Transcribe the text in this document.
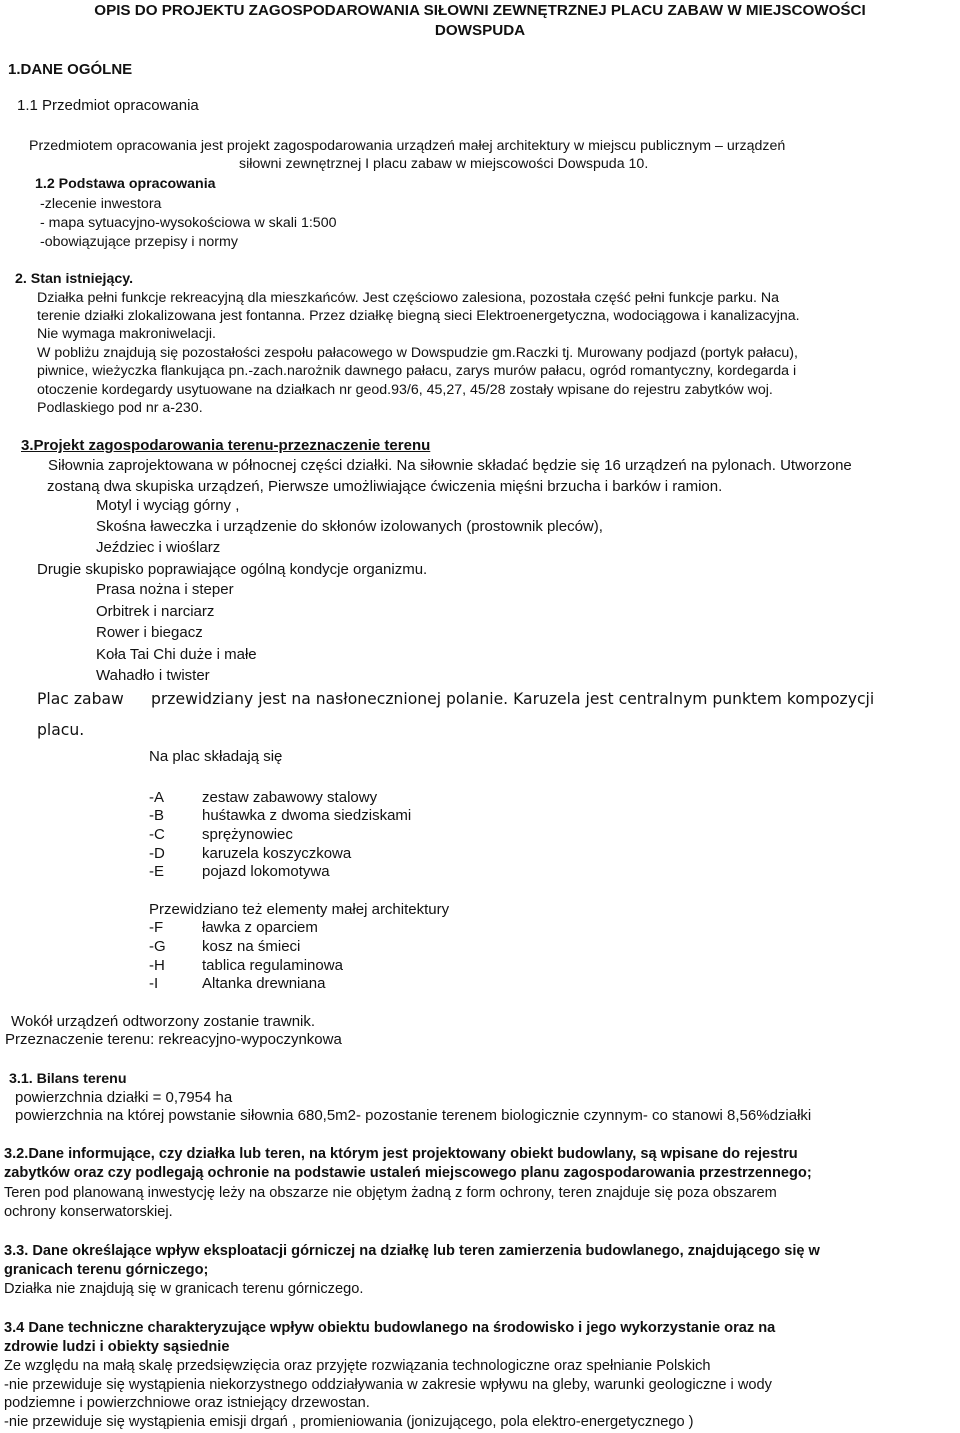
OPIS DO PROJEKTU ZAGOSPODAROWANIA SIŁOWNI ZEWNĘTRZNEJ PLACU ZABAW W MIEJSCOWOŚCI
DOWSPUDA
1.DANE OGÓLNE
1.1 Przedmiot opracowania
Przedmiotem opracowania jest projekt zagospodarowania urządzeń małej architektury w miejscu publicznym – urządzeń
siłowni zewnętrznej I placu zabaw w miejscowości Dowspuda 10.
1.2 Podstawa opracowania
-zlecenie inwestora
- mapa sytuacyjno-wysokościowa w skali 1:500
-obowiązujące przepisy i normy
2. Stan istniejący.
Działka pełni funkcje rekreacyjną dla mieszkańców. Jest częściowo zalesiona, pozostała część pełni funkcje parku. Na
terenie działki zlokalizowana jest fontanna. Przez działkę biegną sieci Elektroenergetyczna, wodociągowa i kanalizacyjna.
Nie wymaga makroniwelacji.
W pobliżu znajdują się pozostałości zespołu pałacowego w Dowspudzie gm.Raczki tj. Murowany podjazd (portyk pałacu),
piwnice, wieżyczka flankująca pn.-zach.narożnik dawnego pałacu, zarys murów pałacu, ogród romantyczny, kordegarda i
otoczenie kordegardy usytuowane na działkach nr geod.93/6, 45,27, 45/28 zostały wpisane do rejestru zabytków woj.
Podlaskiego pod nr a-230.
3.Projekt zagospodarowania terenu-przeznaczenie terenu
Siłownia zaprojektowana w północnej części działki. Na siłownie składać będzie się 16 urządzeń na pylonach. Utworzone
zostaną dwa skupiska urządzeń, Pierwsze umożliwiające ćwiczenia mięśni brzucha i barków i ramion.
Motyl i wyciąg górny ,
Skośna ławeczka i urządzenie do skłonów izolowanych (prostownik pleców),
Jeździec i wioślarz
Drugie skupisko poprawiające ogólną kondycje organizmu.
Prasa nożna i steper
Orbitrek i narciarz
Rower i biegacz
Koła Tai Chi duże i małe
Wahadło i twister
Plac zabaw przewidziany jest na nasłonecznionej polanie. Karuzela jest centralnym punktem kompozycji
placu.
Na plac składają się
-A	zestaw zabawowy stalowy
-B	huśtawka z dwoma siedziskami
-C sprężynowiec
-D karuzela koszyczkowa
-E	pojazd lokomotywa
Przewidziano też elementy małej architektury
-F	ławka z oparciem
-G kosz na śmieci
-H tablica regulaminowa
-I	Altanka drewniana
Wokół urządzeń odtworzony zostanie trawnik.
Przeznaczenie terenu: rekreacyjno-wypoczynkowa
3.1. Bilans terenu
powierzchnia działki = 0,7954 ha
powierzchnia na której powstanie siłownia 680,5m2- pozostanie terenem biologicznie czynnym- co stanowi 8,56%działki
3.2.Dane informujące, czy działka lub teren, na którym jest projektowany obiekt budowlany, są wpisane do rejestru
zabytków oraz czy podlegają ochronie na podstawie ustaleń miejscowego planu zagospodarowania przestrzennego;
Teren pod planowaną inwestycję leży na obszarze nie objętym żadną z form ochrony, teren znajduje się poza obszarem
ochrony konserwatorskiej.
3.3. Dane określające wpływ eksploatacji górniczej na działkę lub teren zamierzenia budowlanego, znajdującego się w
granicach terenu górniczego;
Działka nie znajdują się w granicach terenu górniczego.
3.4 Dane techniczne charakteryzujące wpływ obiektu budowlanego na środowisko i jego wykorzystanie oraz na
zdrowie ludzi i obiekty sąsiednie
Ze względu na małą skalę przedsięwzięcia oraz przyjęte rozwiązania technologiczne oraz spełnianie Polskich
-nie przewiduje się wystąpienia niekorzystnego oddziaływania w zakresie wpływu na gleby, warunki geologiczne i wody
podziemne i powierzchniowe oraz istniejący drzewostan.
-nie przewiduje się wystąpienia emisji drgań , promieniowania (jonizującego, pola elektro-energetycznego )
